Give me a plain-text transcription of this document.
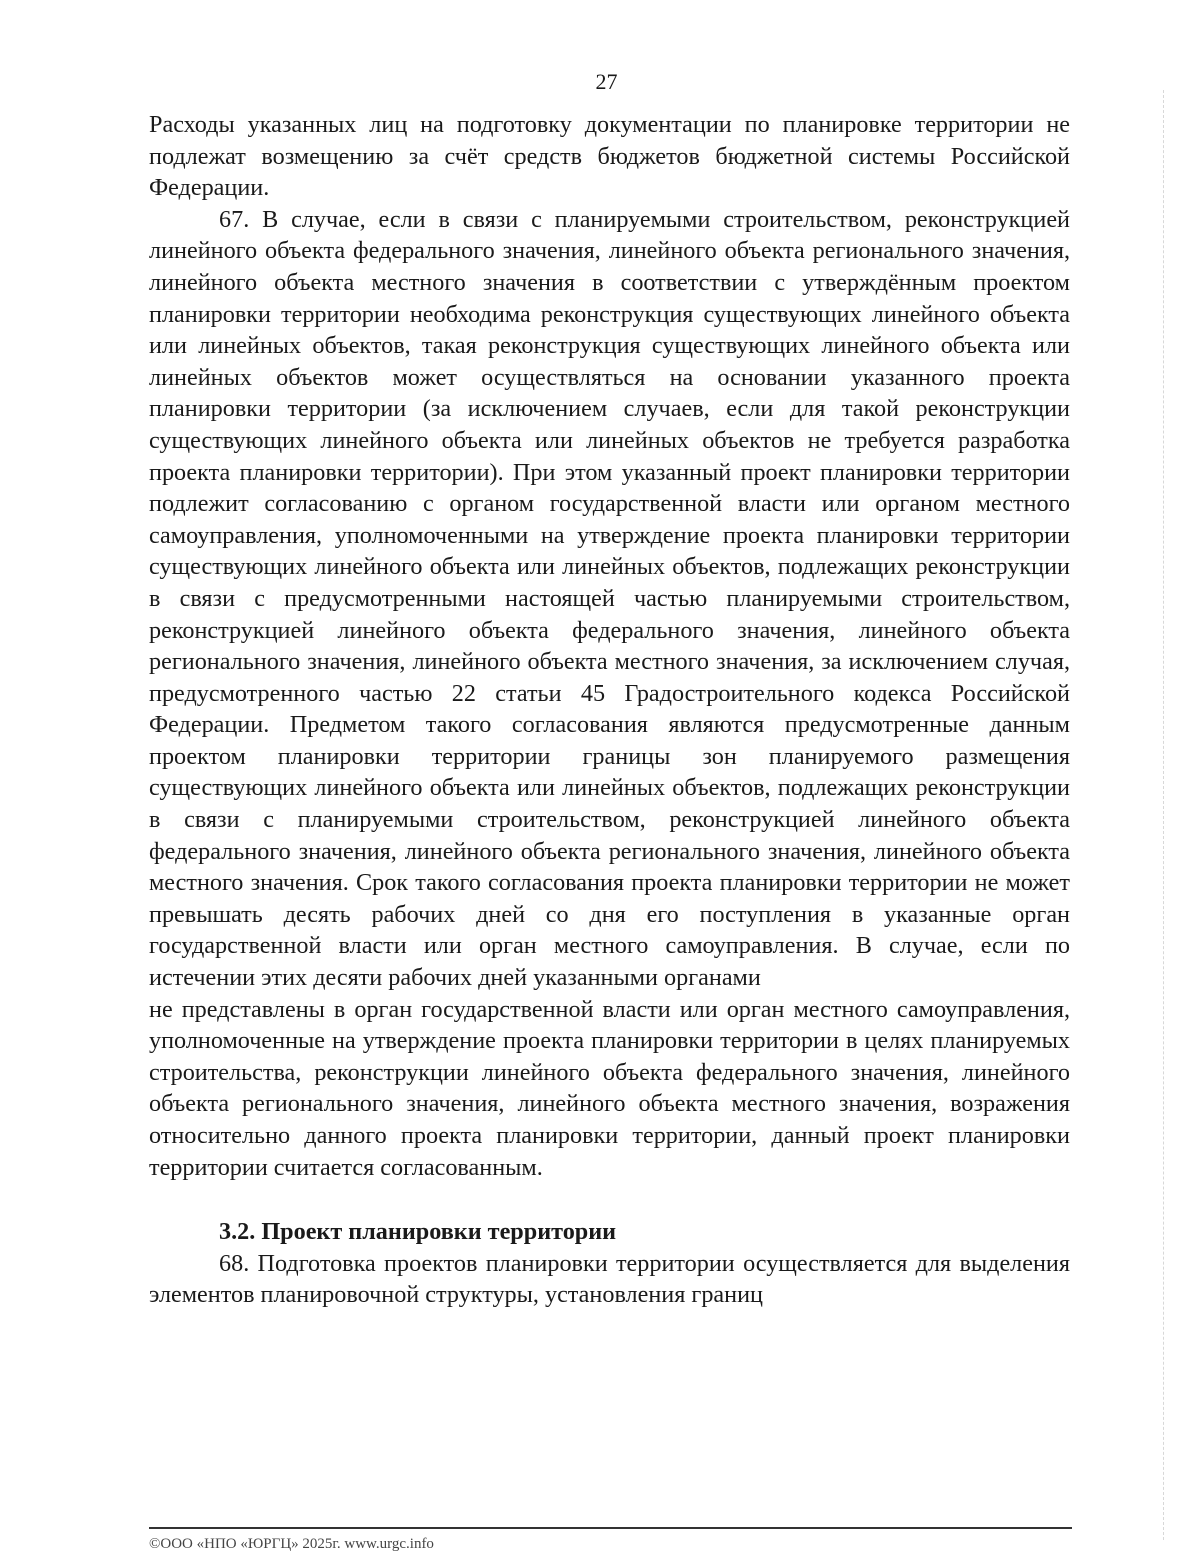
27

Расходы указанных лиц на подготовку документации по планировке территории не подлежат возмещению за счёт средств бюджетов бюджетной системы Российской Федерации.

67. В случае, если в связи с планируемыми строительством, реконструкцией линейного объекта федерального значения, линейного объекта регионального значения, линейного объекта местного значения в соответствии с утверждённым проектом планировки территории необходима реконструкция существующих линейного объекта или линейных объектов, такая реконструкция существующих линейного объекта или линейных объектов может осуществляться на основании указанного проекта планировки территории (за исключением случаев, если для такой реконструкции существующих линейного объекта или линейных объектов не требуется разработка проекта планировки территории). При этом указанный проект планировки территории подлежит согласованию с органом государственной власти или органом местного самоуправления, уполномоченными на утверждение проекта планировки территории существующих линейного объекта или линейных объектов, подлежащих реконструкции в связи с предусмотренными настоящей частью планируемыми строительством, реконструкцией линейного объекта федерального значения, линейного объекта регионального значения, линейного объекта местного значения, за исключением случая, предусмотренного частью 22 статьи 45 Градостроительного кодекса Российской Федерации. Предметом такого согласования являются предусмотренные данным проектом планировки территории границы зон планируемого размещения существующих линейного объекта или линейных объектов, подлежащих реконструкции в связи с планируемыми строительством, реконструкцией линейного объекта федерального значения, линейного объекта регионального значения, линейного объекта местного значения. Срок такого согласования проекта планировки территории не может превышать десять рабочих дней со дня его поступления в указанные орган государственной власти или орган местного самоуправления. В случае, если по истечении этих десяти рабочих дней указанными органами

не представлены в орган государственной власти или орган местного самоуправления, уполномоченные на утверждение проекта планировки территории в целях планируемых строительства, реконструкции линейного объекта федерального значения, линейного объекта регионального значения, линейного объекта местного значения, возражения относительно данного проекта планировки территории, данный проект планировки территории считается согласованным.

3.2. Проект планировки территории

68. Подготовка проектов планировки территории осуществляется для выделения элементов планировочной структуры, установления границ

©ООО «НПО «ЮРГЦ» 2025г. www.urgc.info
